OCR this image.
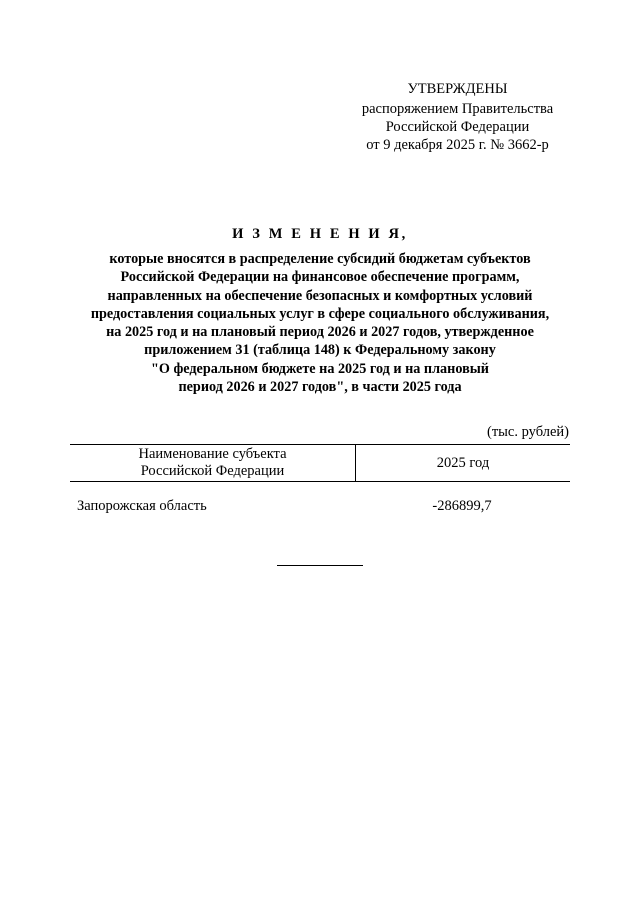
УТВЕРЖДЕНЫ
распоряжением Правительства
Российской Федерации
от 9 декабря 2025 г. № 3662-р
И З М Е Н Е Н И Я,
которые вносятся в распределение субсидий бюджетам субъектов
Российской Федерации на финансовое обеспечение программ,
направленных на обеспечение безопасных и комфортных условий
предоставления социальных услуг в сфере социального обслуживания,
на 2025 год и на плановый период 2026 и 2027 годов, утвержденное
приложением 31 (таблица 148) к Федеральному закону
"О федеральном бюджете на 2025 год и на плановый
период 2026 и 2027 годов", в части 2025 года
(тыс. рублей)
Наименование субъекта
Российской Федерации
2025 год
Запорожская область	-286899,7
